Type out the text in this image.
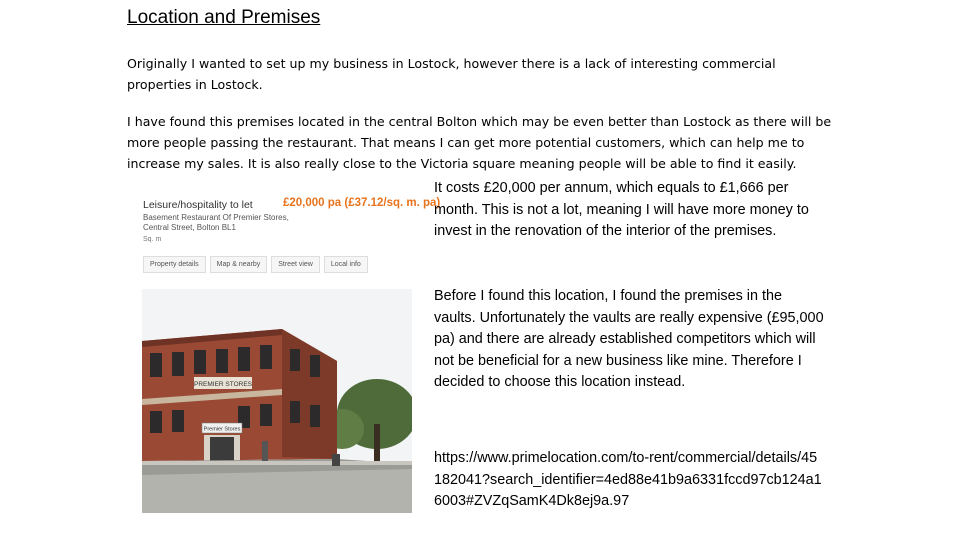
Location and Premises

Originally I wanted to set up my business in Lostock, however there is a lack of interesting commercial properties in Lostock.

I have found this premises located in the central Bolton which may be even better than Lostock as there will be more people passing the restaurant. That means I can get more potential customers, which can help me to increase my sales. It is also really close to the Victoria square meaning people will be able to find it easily.

Leisure/hospitality to let	£20,000 pa (£37.12/sq. m. pa)
Basement Restaurant Of Premier Stores, Central Street, Bolton BL1
Sq. m
Property details	Map & nearby	Street view	Local info
PREMIER STORES
Premier Stores

It costs £20,000 per annum, which equals to £1,666 per month. This is not a lot, meaning I will have more money to invest in the renovation of the interior of the premises.

Before I found this location, I found the premises in the vaults. Unfortunately the vaults are really expensive (£95,000 pa) and there are already established competitors which will not be beneficial for a new business like mine. Therefore I decided to choose this location instead.

https://www.primelocation.com/to-rent/commercial/details/45182041?search_identifier=4ed88e41b9a6331fccd97cb124a16003#ZVZqSamK4Dk8ej9a.97
